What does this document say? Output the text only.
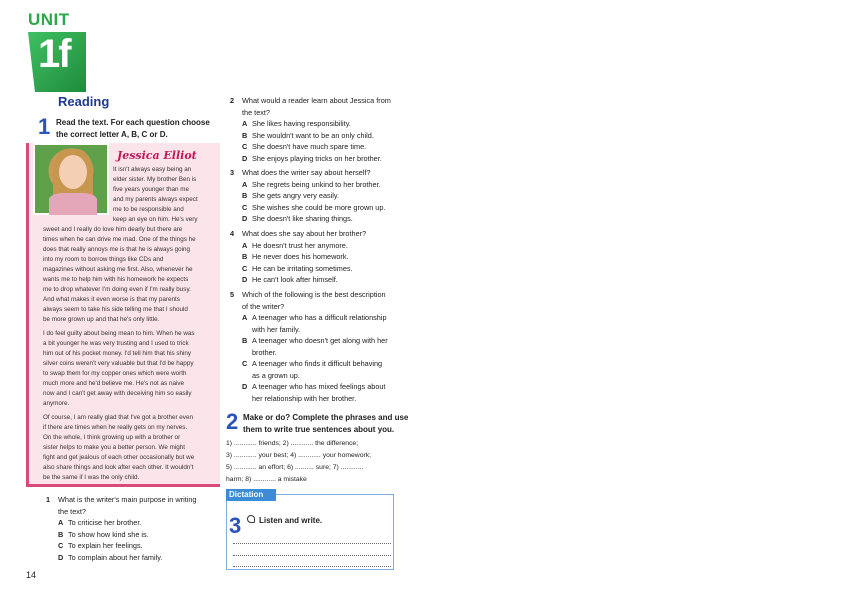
UNIT
1f
Reading
1 Read the text. For each question choose
the correct letter A, B, C or D.
Jessica Elliot

It isn't always easy being an
elder sister. My brother Ben is
five years younger than me
and my parents always expect
me to be responsible and
keep an eye on him. He's very

sweet and I really do love him dearly but there are
times when he can drive me mad. One of the things he
does that really annoys me is that he is always going
into my room to borrow things like CDs and
magazines without asking me first. Also, whenever he
wants me to help him with his homework he expects
me to drop whatever I'm doing even if I'm really busy.
And what makes it even worse is that my parents
always seem to take his side telling me that I should
be more grown up and that he's only little.

I do feel guilty about being mean to him. When he was
a bit younger he was very trusting and I used to trick
him out of his pocket money. I'd tell him that his shiny
silver coins weren't very valuable but that I'd be happy
to swap them for my copper ones which were worth
much more and he'd believe me. He's not as naive
now and I can't get away with deceiving him so easily
anymore.

Of course, I am really glad that I've got a brother even
if there are times when he really gets on my nerves.
On the whole, I think growing up with a brother or
sister helps to make you a better person. We might
fight and get jealous of each other occasionally but we
also share things and look after each other. It wouldn't
be the same if I was the only child.

1 What is the writer's main purpose in writing
the text?
A To criticise her brother.
B To show how kind she is.
C To explain her feelings.
D To complain about her family.
2 What would a reader learn about Jessica from
the text?
A She likes having responsibility.
B She wouldn't want to be an only child.
C She doesn't have much spare time.
D She enjoys playing tricks on her brother.
3 What does the writer say about herself?
A She regrets being unkind to her brother.
B She gets angry very easily.
C She wishes she could be more grown up.
D She doesn't like sharing things.
4 What does she say about her brother?
A He doesn't trust her anymore.
B He never does his homework.
C He can be irritating sometimes.
D He can't look after himself.
5 Which of the following is the best description
of the writer?
A A teenager who has a difficult relationship
with her family.
B A teenager who doesn't get along with her
brother.
C A teenager who finds it difficult behaving
as a grown up.
D A teenager who has mixed feelings about
her relationship with her brother.
2 Make or do? Complete the phrases and use
them to write true sentences about you.
1) ............ friends; 2) ............ the difference;
3) ............ your best; 4) ............ your homework;
5) ............ an effort; 6) .......... sure; 7) ............
harm; 8) ............ a mistake
3 Listen and write.
Dictation
14
